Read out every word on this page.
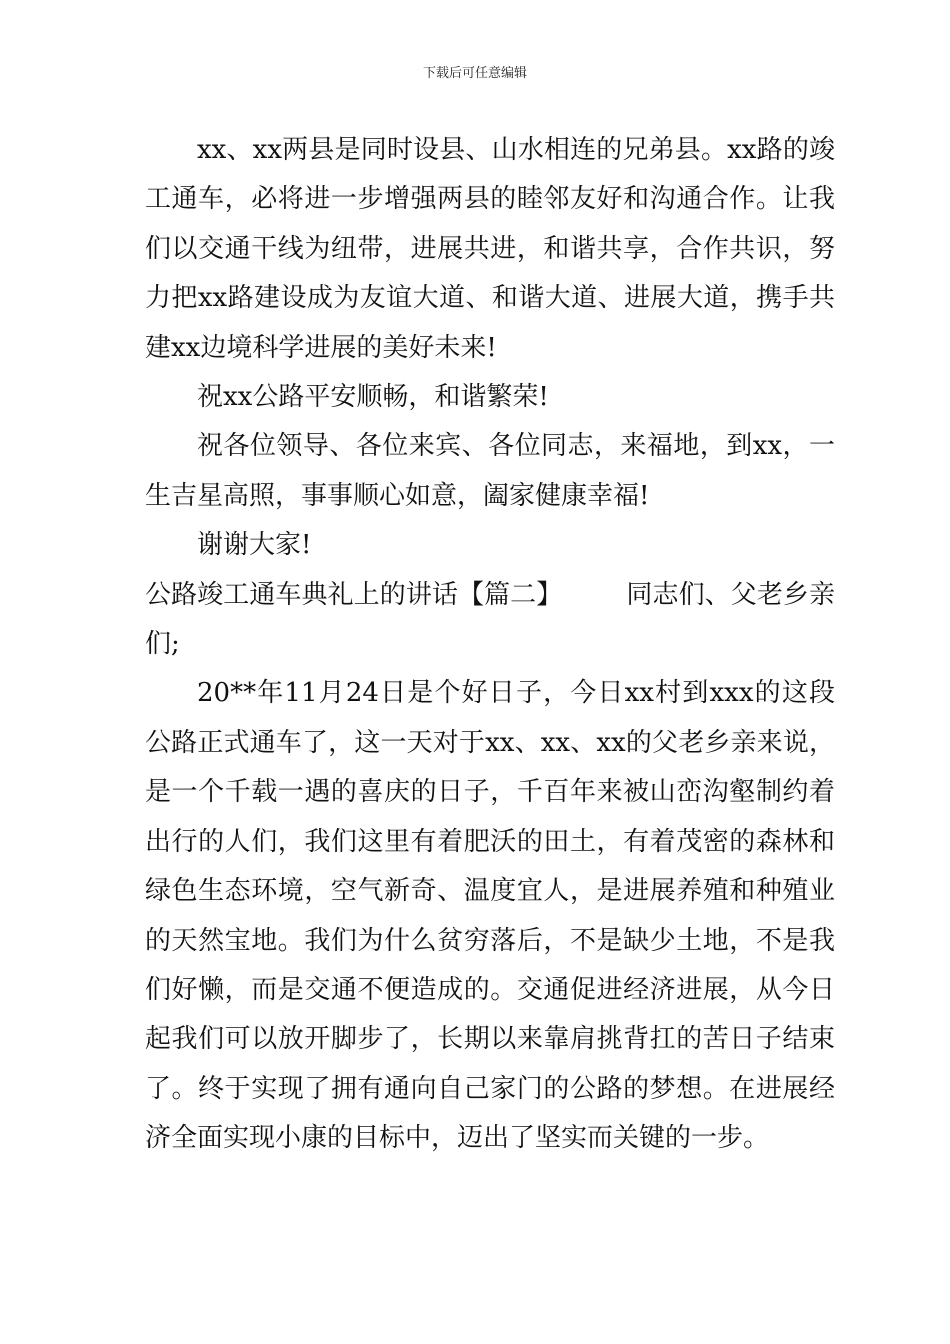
下载后可任意编辑

xx、xx两县是同时设县、山水相连的兄弟县。xx路的竣工通车，必将进一步增强两县的睦邻友好和沟通合作。让我们以交通干线为纽带，进展共进，和谐共享，合作共识，努力把xx路建设成为友谊大道、和谐大道、进展大道，携手共建xx边境科学进展的美好未来!

祝xx公路平安顺畅，和谐繁荣!

祝各位领导、各位来宾、各位同志，来福地，到xx，一生吉星高照，事事顺心如意，阖家健康幸福!

谢谢大家!

公路竣工通车典礼上的讲话【篇二】 同志们、父老乡亲们;

20**年11月24日是个好日子，今日xx村到xxx的这段公路正式通车了，这一天对于xx、xx、xx的父老乡亲来说，是一个千载一遇的喜庆的日子，千百年来被山峦沟壑制约着出行的人们，我们这里有着肥沃的田土，有着茂密的森林和绿色生态环境，空气新奇、温度宜人，是进展养殖和种殖业的天然宝地。我们为什么贫穷落后，不是缺少土地，不是我们好懒，而是交通不便造成的。交通促进经济进展，从今日起我们可以放开脚步了，长期以来靠肩挑背扛的苦日子结束了。终于实现了拥有通向自己家门的公路的梦想。在进展经济全面实现小康的目标中，迈出了坚实而关键的一步。
